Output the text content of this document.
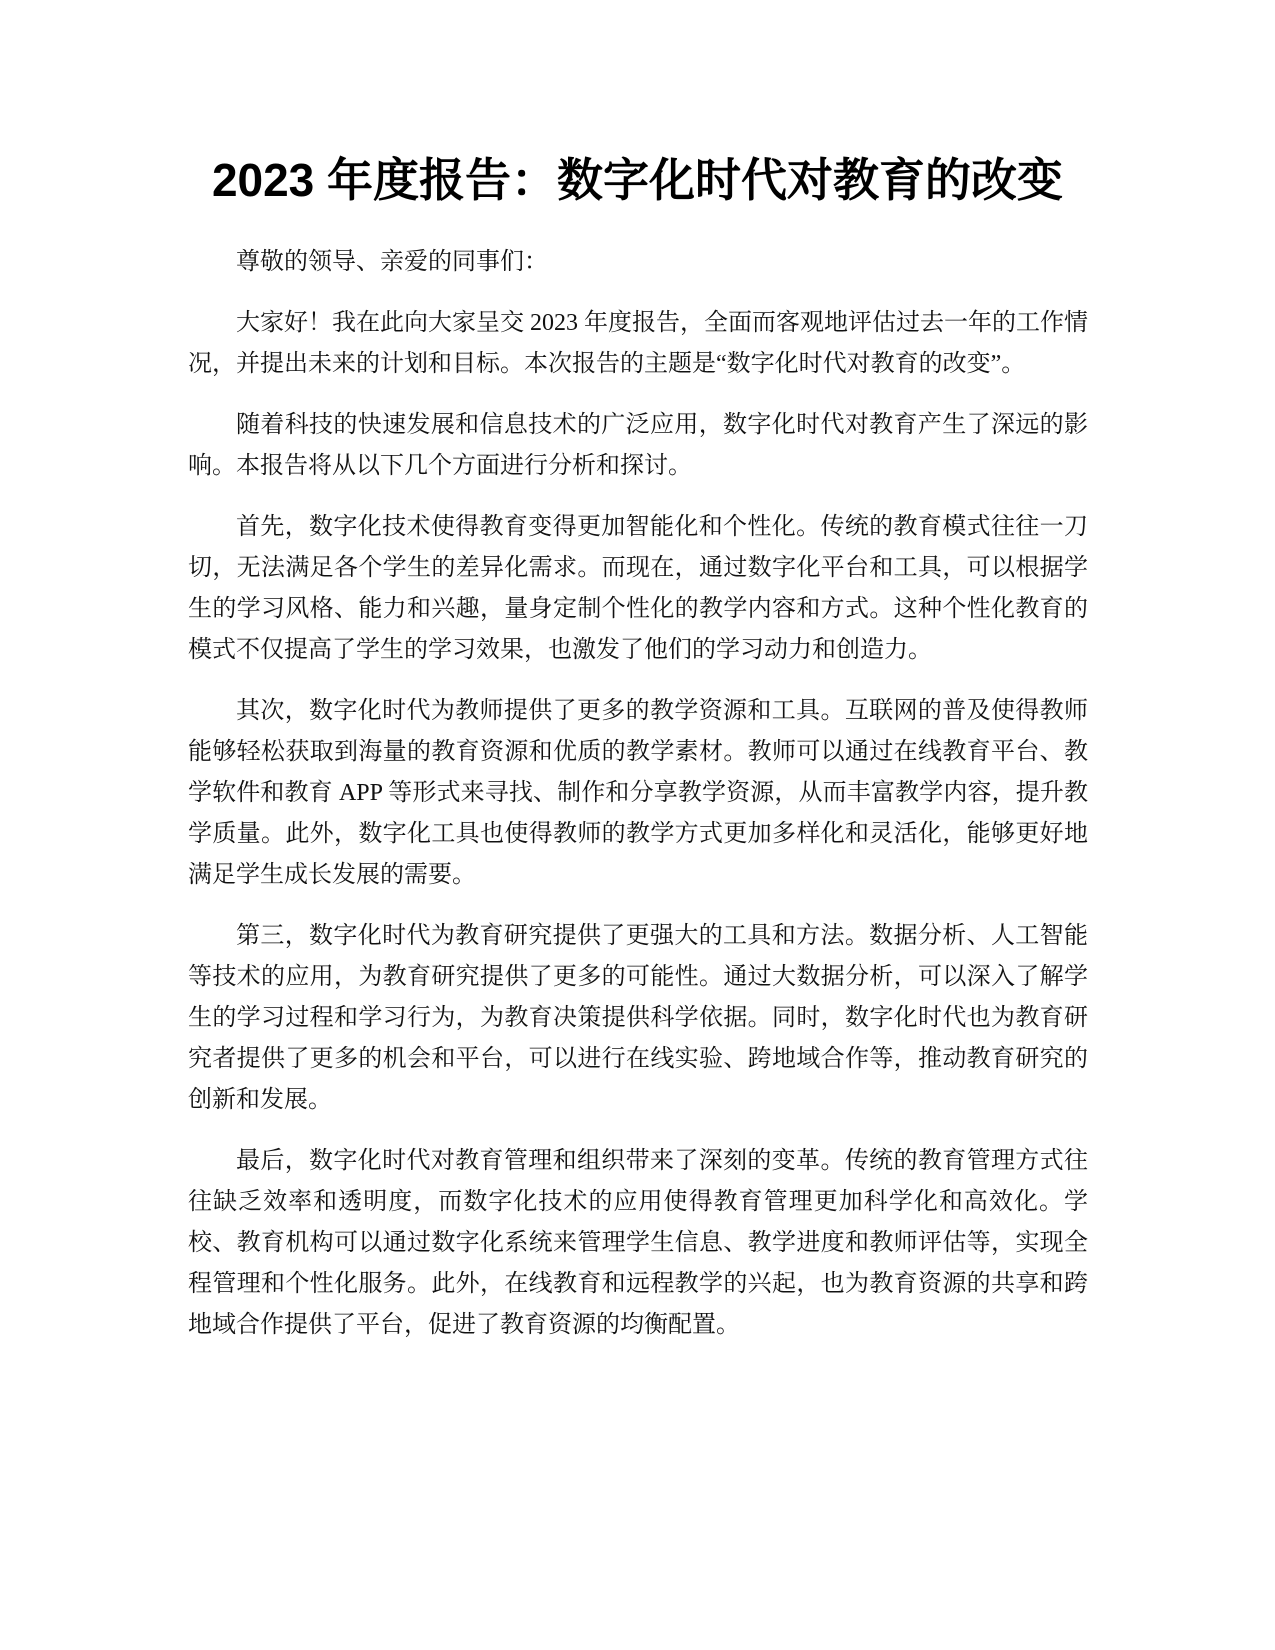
2023 年度报告：数字化时代对教育的改变

尊敬的领导、亲爱的同事们：

大家好！我在此向大家呈交 2023 年度报告，全面而客观地评估过去一年的工作情况，并提出未来的计划和目标。本次报告的主题是“数字化时代对教育的改变”。

随着科技的快速发展和信息技术的广泛应用，数字化时代对教育产生了深远的影响。本报告将从以下几个方面进行分析和探讨。

首先，数字化技术使得教育变得更加智能化和个性化。传统的教育模式往往一刀切，无法满足各个学生的差异化需求。而现在，通过数字化平台和工具，可以根据学生的学习风格、能力和兴趣，量身定制个性化的教学内容和方式。这种个性化教育的模式不仅提高了学生的学习效果，也激发了他们的学习动力和创造力。

其次，数字化时代为教师提供了更多的教学资源和工具。互联网的普及使得教师能够轻松获取到海量的教育资源和优质的教学素材。教师可以通过在线教育平台、教学软件和教育 APP 等形式来寻找、制作和分享教学资源，从而丰富教学内容，提升教学质量。此外，数字化工具也使得教师的教学方式更加多样化和灵活化，能够更好地满足学生成长发展的需要。

第三，数字化时代为教育研究提供了更强大的工具和方法。数据分析、人工智能等技术的应用，为教育研究提供了更多的可能性。通过大数据分析，可以深入了解学生的学习过程和学习行为，为教育决策提供科学依据。同时，数字化时代也为教育研究者提供了更多的机会和平台，可以进行在线实验、跨地域合作等，推动教育研究的创新和发展。

最后，数字化时代对教育管理和组织带来了深刻的变革。传统的教育管理方式往往缺乏效率和透明度，而数字化技术的应用使得教育管理更加科学化和高效化。学校、教育机构可以通过数字化系统来管理学生信息、教学进度和教师评估等，实现全程管理和个性化服务。此外，在线教育和远程教学的兴起，也为教育资源的共享和跨地域合作提供了平台，促进了教育资源的均衡配置。
